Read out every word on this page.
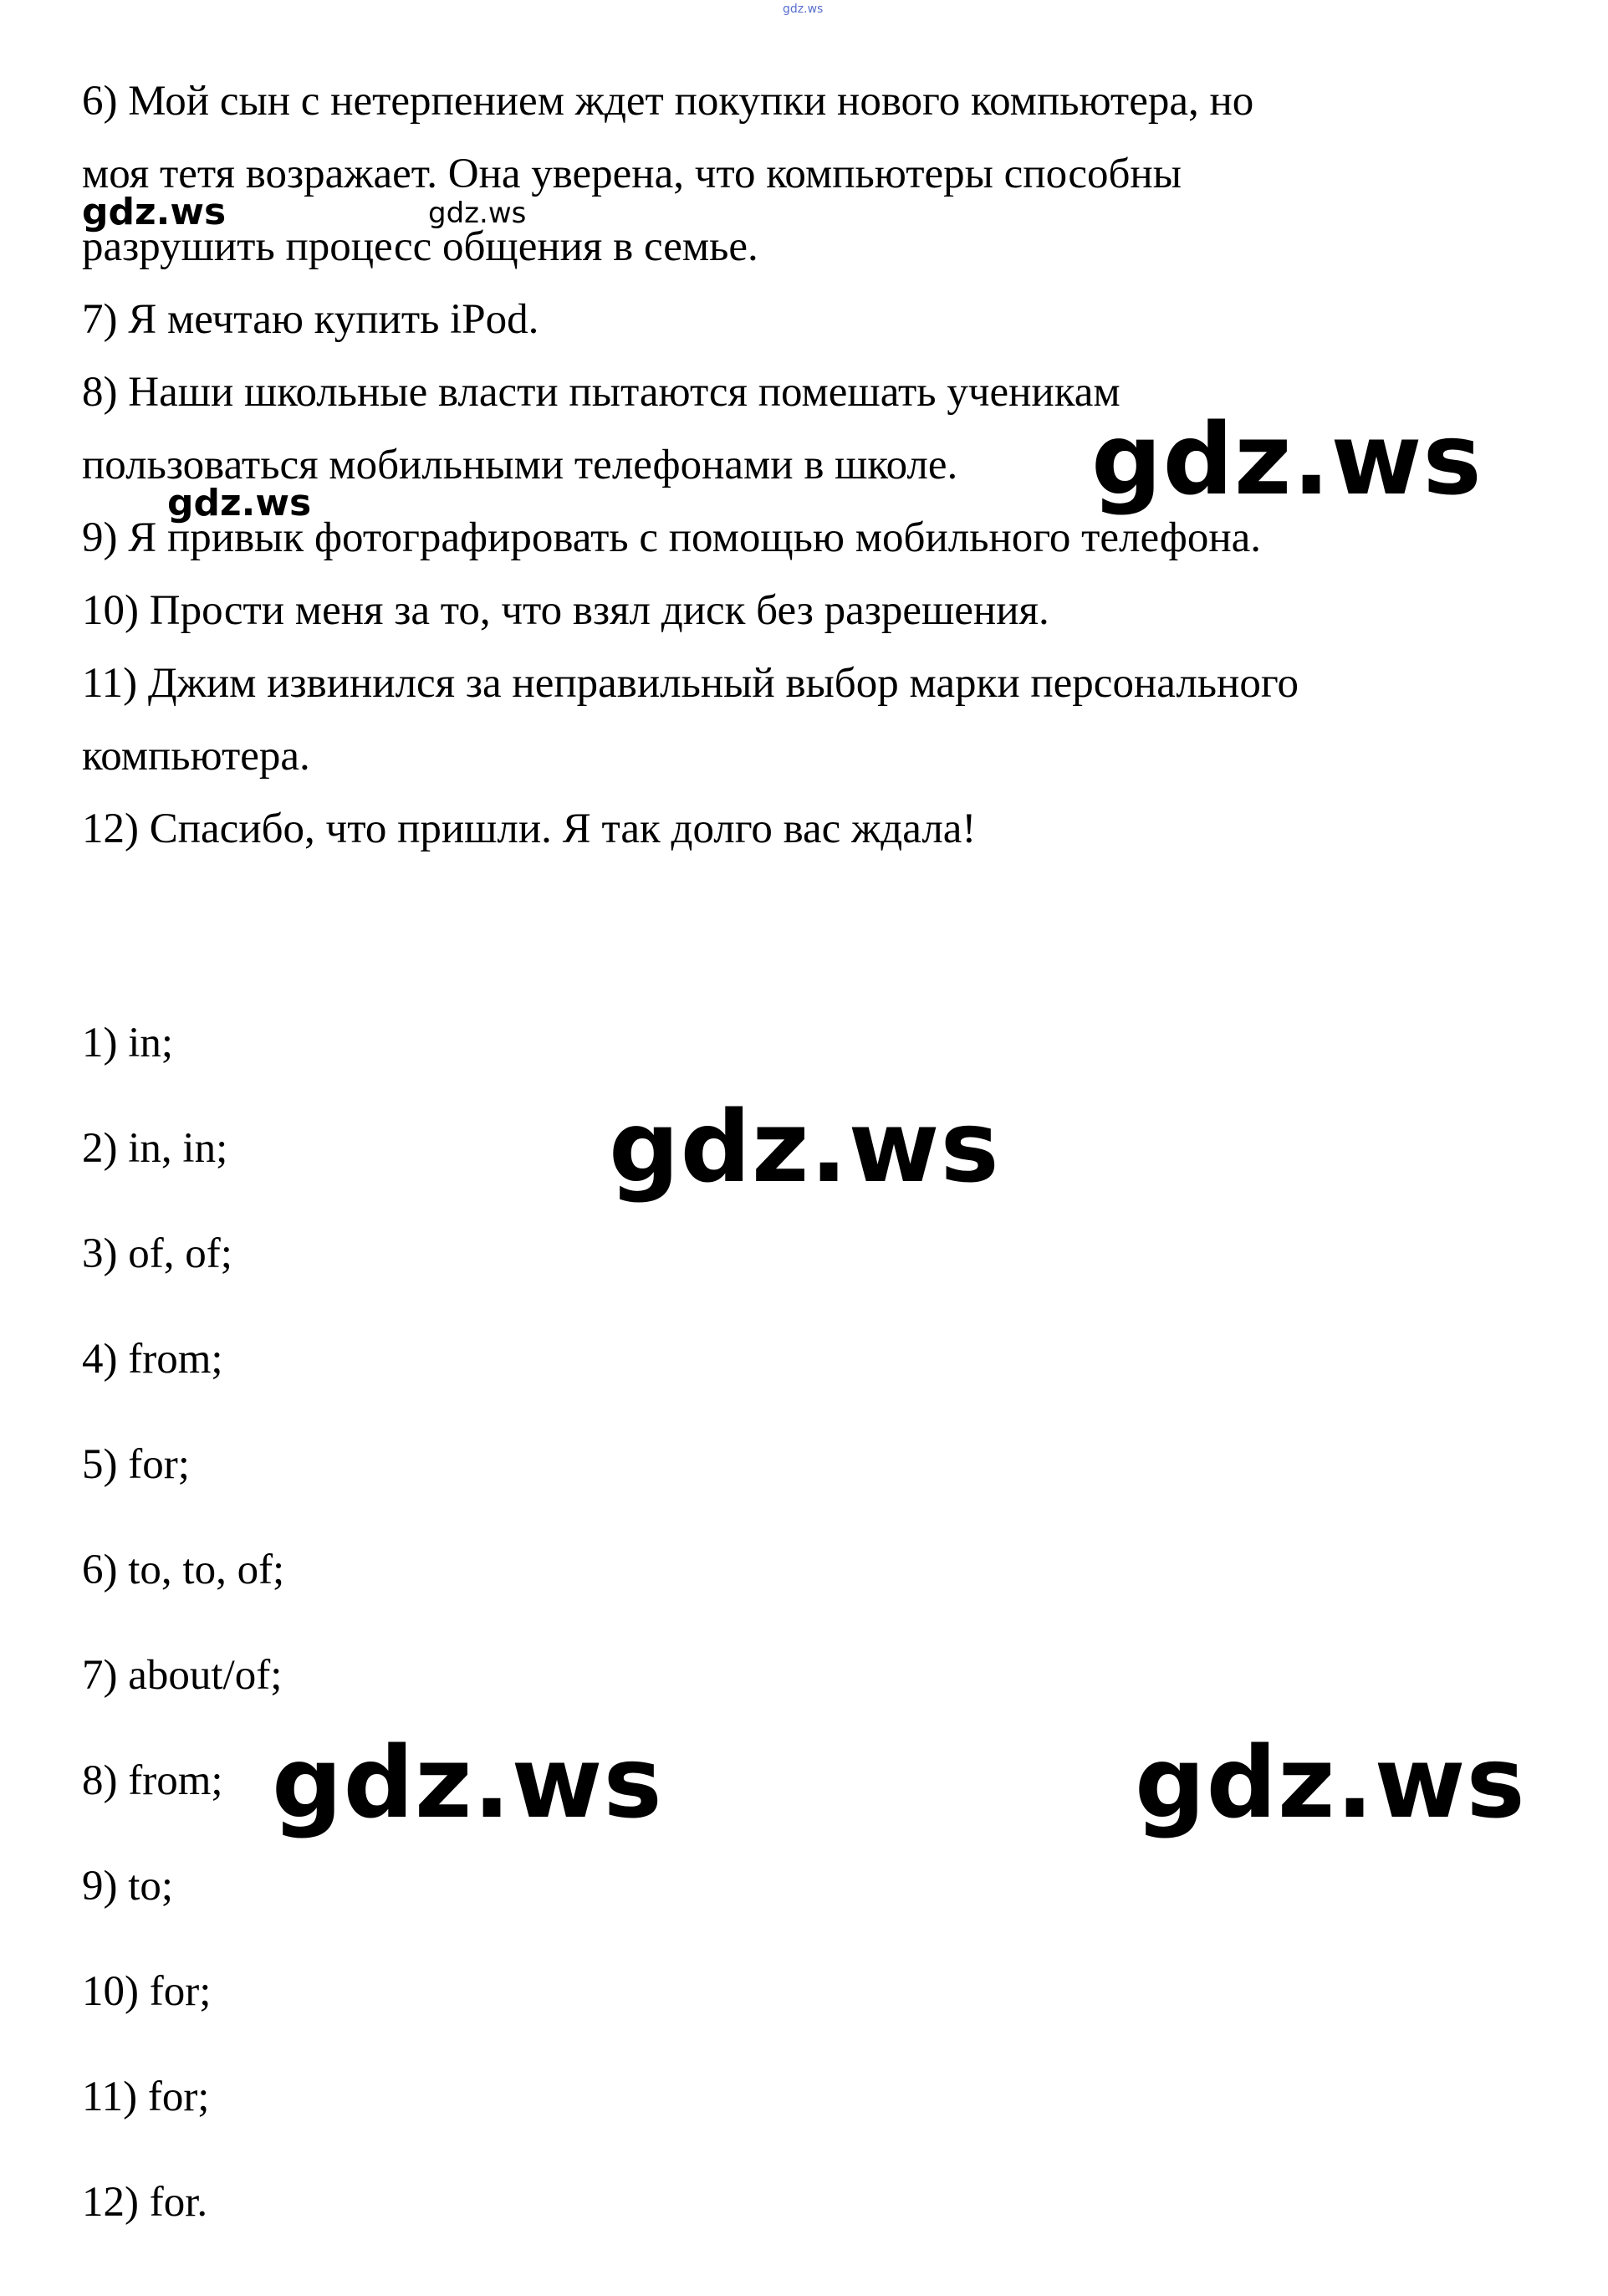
gdz.ws
6) Мой сын с нетерпением ждет покупки нового компьютера, но
моя тетя возражает. Она уверена, что компьютеры способны
разрушить процесс общения в семье.
7) Я мечтаю купить iPod.
8) Наши школьные власти пытаются помешать ученикам
пользоваться мобильными телефонами в школе.
9) Я привык фотографировать с помощью мобильного телефона.
10) Прости меня за то, что взял диск без разрешения.
11) Джим извинился за неправильный выбор марки персонального
компьютера.
12) Спасибо, что пришли. Я так долго вас ждала!
gdz.ws	gdz.ws
gdz.ws
gdz.ws
1) in;
2) in, in;
3) of, of;
4) from;
5) for;
6) to, to, of;
7) about/of;
8) from;
9) to;
10) for;
11) for;
12) for.
gdz.ws
gdz.ws	gdz.ws
